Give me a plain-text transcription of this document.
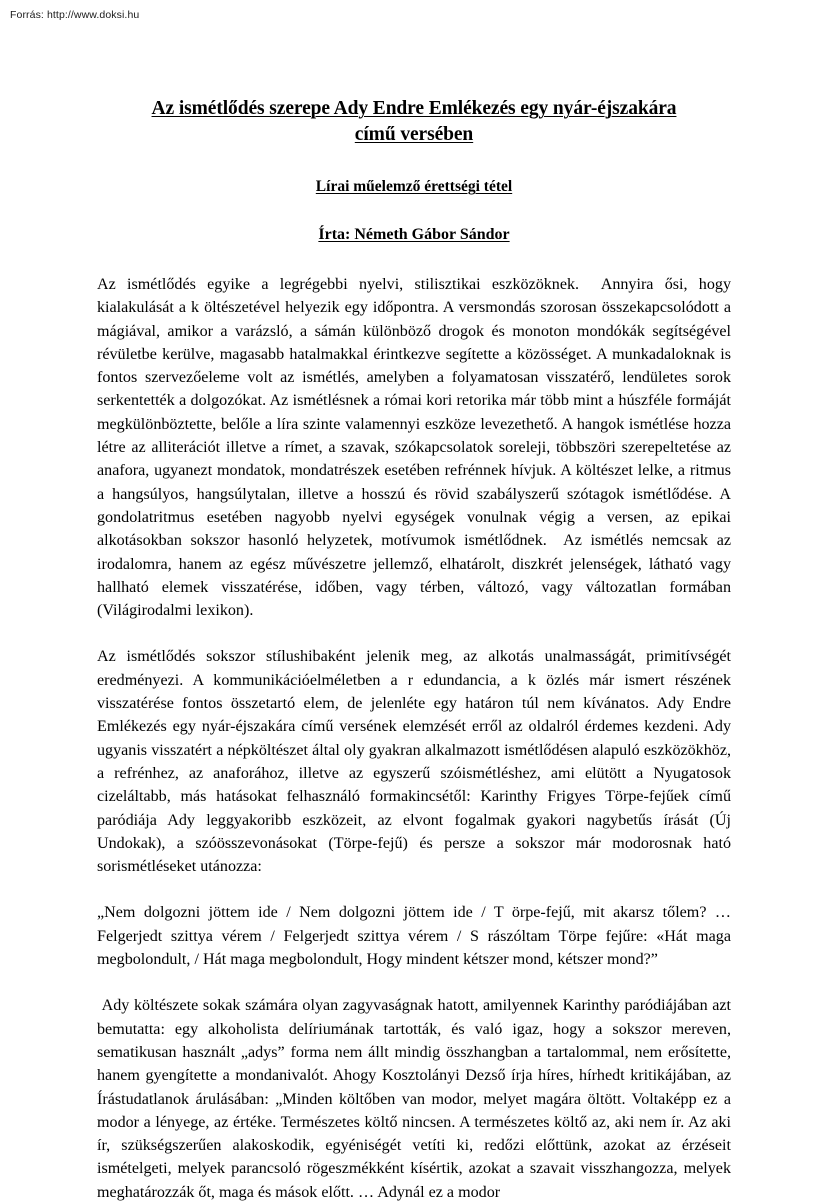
Forrás: http://www.doksi.hu
Az ismétlődés szerepe Ady Endre Emlékezés egy nyár-éjszakára
című versében
Lírai műelemző érettségi tétel
Írta: Németh Gábor Sándor

Az ismétlődés egyike a legrégebbi nyelvi, stilisztikai eszközöknek.  Annyira ősi, hogy kialakulását a k öltészetével helyezik egy időpontra. A versmondás szorosan összekapcsolódott a mágiával, amikor a varázsló, a sámán különböző drogok és monoton mondókák segítségével révületbe kerülve, magasabb hatalmakkal érintkezve segítette a közösséget. A munkadaloknak is fontos szervezőeleme volt az ismétlés, amelyben a folyamatosan visszatérő, lendületes sorok serkentették a dolgozókat. Az ismétlésnek a római kori retorika már több mint a húszféle formáját megkülönböztette, belőle a líra szinte valamennyi eszköze levezethető. A hangok ismétlése hozza létre az alliterációt illetve a rímet, a szavak, szókapcsolatok soreleji, többszöri szerepeltetése az anafora, ugyanezt mondatok, mondatrészek esetében refrénnek hívjuk. A költészet lelke, a ritmus a hangsúlyos, hangsúlytalan, illetve a hosszú és rövid szabályszerű szótagok ismétlődése. A gondolatritmus esetében nagyobb nyelvi egységek vonulnak végig a versen, az epikai alkotásokban sokszor hasonló helyzetek, motívumok ismétlődnek.  Az ismétlés nemcsak az irodalomra, hanem az egész művészetre jellemző, elhatárolt, diszkrét jelenségek, látható vagy hallható elemek visszatérése, időben, vagy térben, változó, vagy változatlan formában (Világirodalmi lexikon).

Az ismétlődés sokszor stílushibaként jelenik meg, az alkotás unalmasságát, primitívségét eredményezi. A kommunikációelméletben a r edundancia, a k özlés már ismert részének visszatérése fontos összetartó elem, de jelenléte egy határon túl nem kívánatos. Ady Endre Emlékezés egy nyár-éjszakára című versének elemzését erről az oldalról érdemes kezdeni. Ady ugyanis visszatért a népköltészet által oly gyakran alkalmazott ismétlődésen alapuló eszközökhöz, a refrénhez, az anaforához, illetve az egyszerű szóismétléshez, ami elütött a Nyugatosok cizeláltabb, más hatásokat felhasználó formakincsétől: Karinthy Frigyes Törpe-fejűek című paródiája Ady leggyakoribb eszközeit, az elvont fogalmak gyakori nagybetűs írását (Új Undokak), a szóösszevonásokat (Törpe-fejű) és persze a sokszor már modorosnak ható sorismétléseket utánozza:

„Nem dolgozni jöttem ide / Nem dolgozni jöttem ide / T örpe-fejű, mit akarsz tőlem? … Felgerjedt szittya vérem / Felgerjedt szittya vérem / S rászóltam Törpe fejűre: «Hát maga megbolondult, / Hát maga megbolondult, Hogy mindent kétszer mond, kétszer mond?”

Ady költészete sokak számára olyan zagyvaságnak hatott, amilyennek Karinthy paródiájában azt bemutatta: egy alkoholista delíriumának tartották, és való igaz, hogy a sokszor mereven, sematikusan használt „adys” forma nem állt mindig összhangban a tartalommal, nem erősítette, hanem gyengítette a mondanivalót. Ahogy Kosztolányi Dezső írja híres, hírhedt kritikájában, az Írástudatlanok árulásában: „Minden költőben van modor, melyet magára öltött. Voltaképp ez a modor a lényege, az értéke. Természetes költő nincsen. A természetes költő az, aki nem ír. Az aki ír, szükségszerűen alakoskodik, egyéniségét vetíti ki, redőzi előttünk, azokat az érzéseit ismételgeti, melyek parancsoló rögeszmékként kísértik, azokat a szavait visszhangozza, melyek meghatározzák őt, maga és mások előtt. … Adynál ez a modor
